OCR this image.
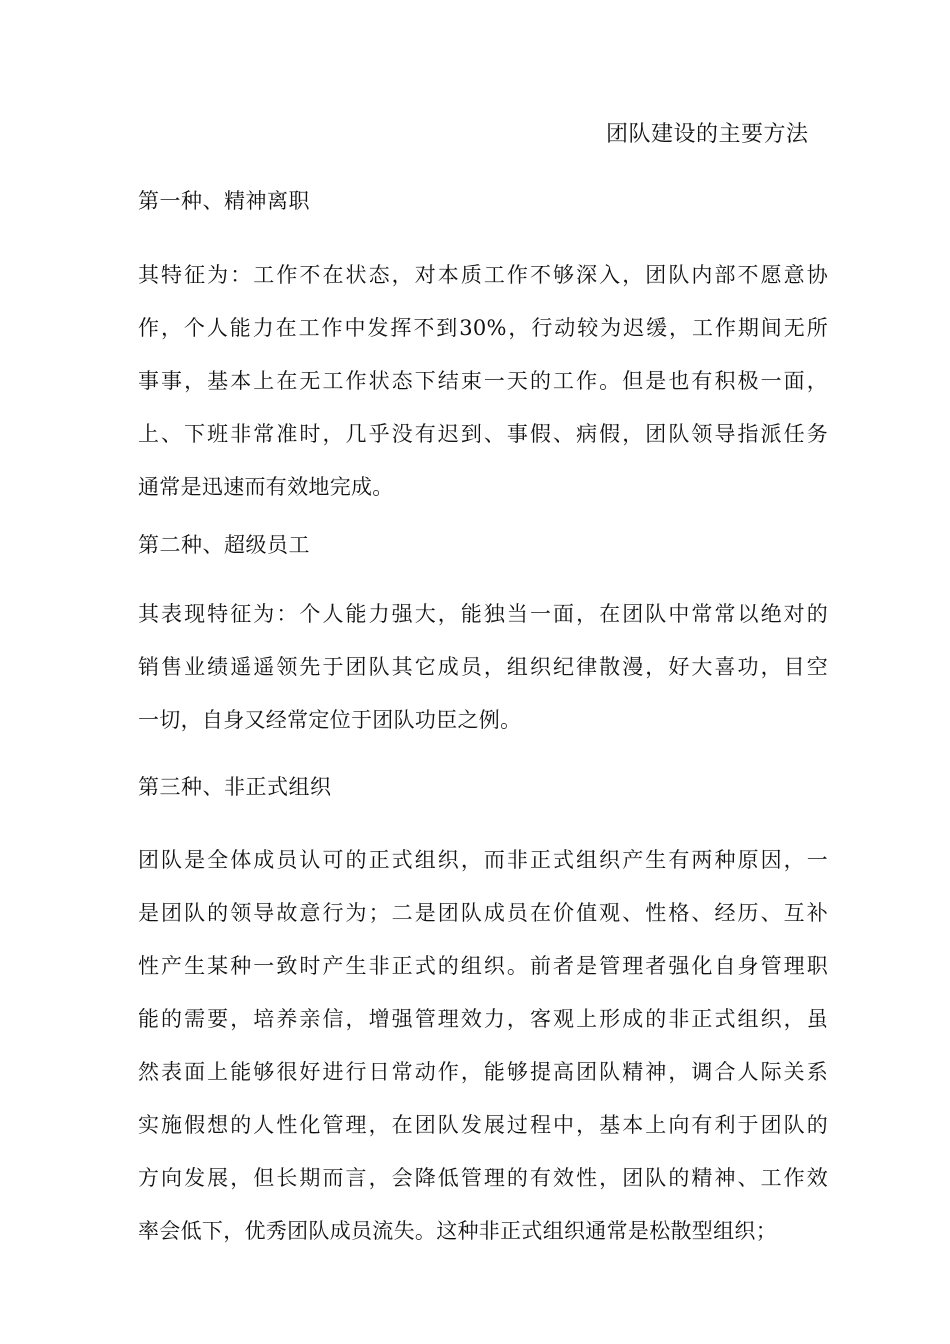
团队建设的主要方法
第一种、精神离职
其特征为：工作不在状态，对本质工作不够深入，团队内部不愿意协
作，个人能力在工作中发挥不到30%，行动较为迟缓，工作期间无所
事事，基本上在无工作状态下结束一天的工作。但是也有积极一面，
上、下班非常准时，几乎没有迟到、事假、病假，团队领导指派任务
通常是迅速而有效地完成。
第二种、超级员工
其表现特征为：个人能力强大，能独当一面，在团队中常常以绝对的
销售业绩遥遥领先于团队其它成员，组织纪律散漫，好大喜功，目空
一切，自身又经常定位于团队功臣之例。
第三种、非正式组织
团队是全体成员认可的正式组织，而非正式组织产生有两种原因，一
是团队的领导故意行为；二是团队成员在价值观、性格、经历、互补
性产生某种一致时产生非正式的组织。前者是管理者强化自身管理职
能的需要，培养亲信，增强管理效力，客观上形成的非正式组织，虽
然表面上能够很好进行日常动作，能够提高团队精神，调合人际关系
实施假想的人性化管理，在团队发展过程中，基本上向有利于团队的
方向发展，但长期而言，会降低管理的有效性，团队的精神、工作效
率会低下，优秀团队成员流失。这种非正式组织通常是松散型组织；
